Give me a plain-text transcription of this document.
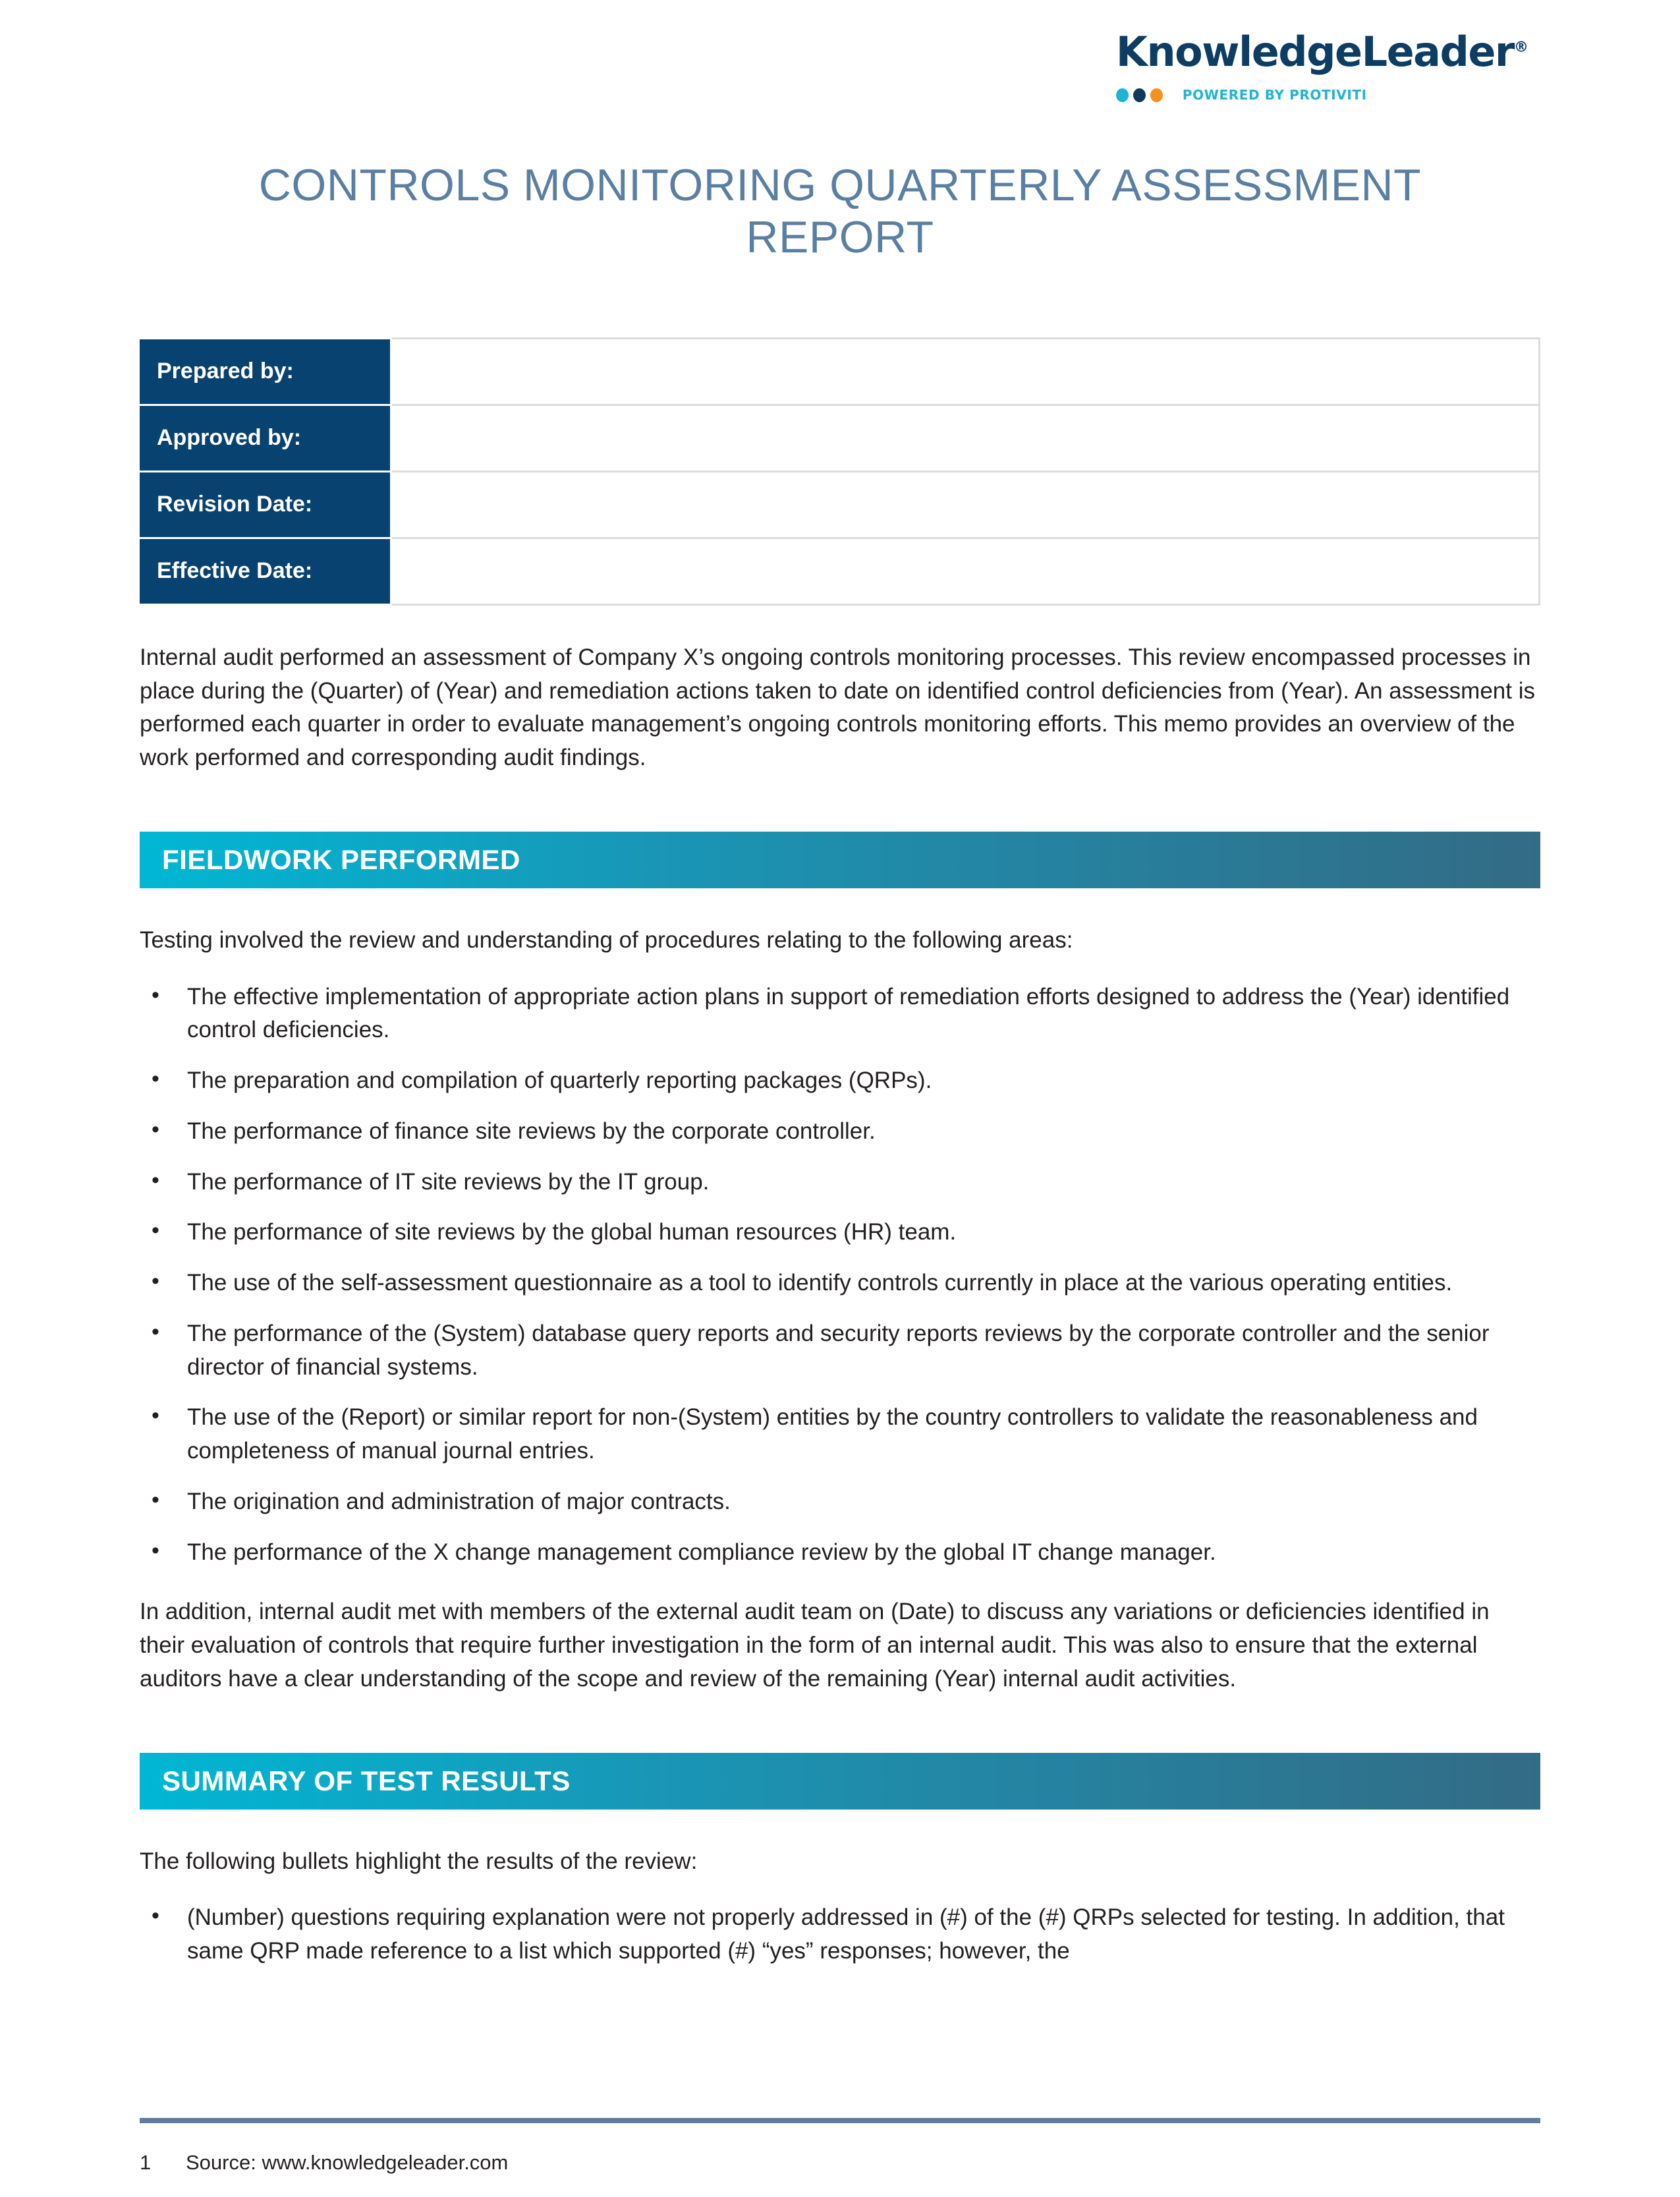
KnowledgeLeader®
POWERED BY PROTIVITI
CONTROLS MONITORING QUARTERLY ASSESSMENT REPORT
Prepared by:	
Approved by:	
Revision Date:	
Effective Date:	

Internal audit performed an assessment of Company X’s ongoing controls monitoring processes. This review encompassed processes in place during the (Quarter) of (Year) and remediation actions taken to date on identified control deficiencies from (Year). An assessment is performed each quarter in order to evaluate management’s ongoing controls monitoring efforts. This memo provides an overview of the work performed and corresponding audit findings.

FIELDWORK PERFORMED

Testing involved the review and understanding of procedures relating to the following areas:

• The effective implementation of appropriate action plans in support of remediation efforts designed to address the (Year) identified control deficiencies.
• The preparation and compilation of quarterly reporting packages (QRPs).
• The performance of finance site reviews by the corporate controller.
• The performance of IT site reviews by the IT group.
• The performance of site reviews by the global human resources (HR) team.
• The use of the self-assessment questionnaire as a tool to identify controls currently in place at the various operating entities.
• The performance of the (System) database query reports and security reports reviews by the corporate controller and the senior director of financial systems.
• The use of the (Report) or similar report for non-(System) entities by the country controllers to validate the reasonableness and completeness of manual journal entries.
• The origination and administration of major contracts.
• The performance of the X change management compliance review by the global IT change manager.

In addition, internal audit met with members of the external audit team on (Date) to discuss any variations or deficiencies identified in their evaluation of controls that require further investigation in the form of an internal audit. This was also to ensure that the external auditors have a clear understanding of the scope and review of the remaining (Year) internal audit activities.

SUMMARY OF TEST RESULTS

The following bullets highlight the results of the review:

• (Number) questions requiring explanation were not properly addressed in (#) of the (#) QRPs selected for testing. In addition, that same QRP made reference to a list which supported (#) “yes” responses; however, the
1	Source: www.knowledgeleader.com
